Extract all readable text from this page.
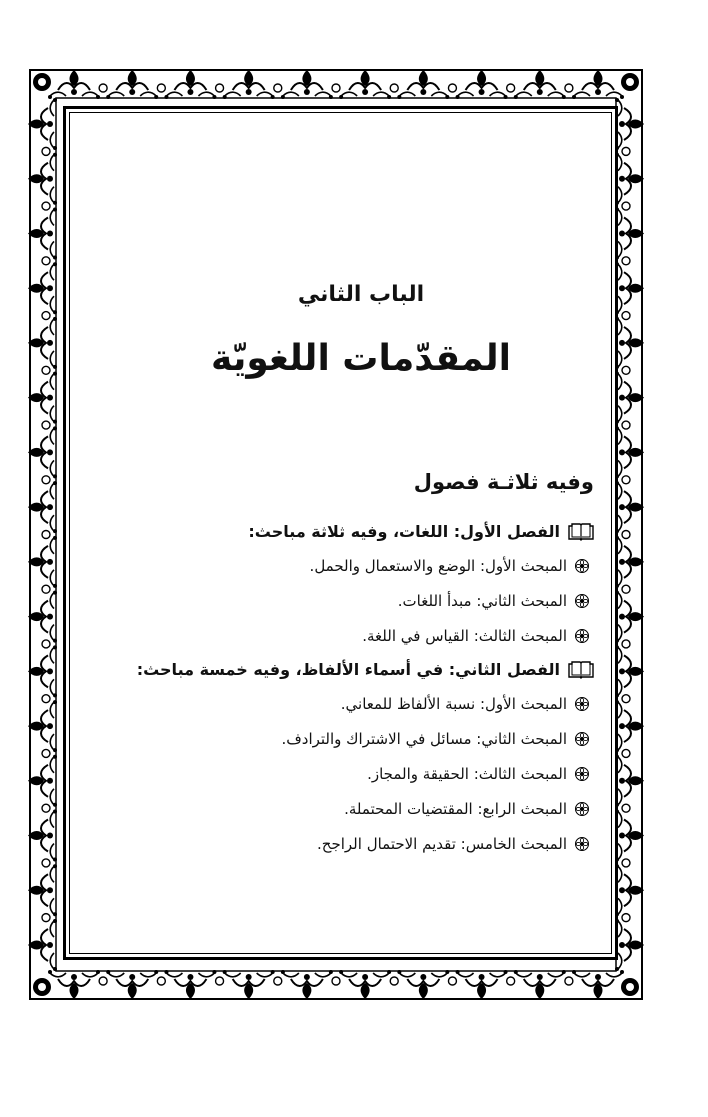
الباب الثاني
المقدّمات اللغويّة
وفيه ثلاثـة فصول
الفصل الأول: اللغات، وفيه ثلاثة مباحث:
المبحث الأول: الوضع والاستعمال والحمل.
المبحث الثاني: مبدأ اللغات.
المبحث الثالث: القياس في اللغة.
الفصل الثاني: في أسماء الألفاظ، وفيه خمسة مباحث:
المبحث الأول: نسبة الألفاظ للمعاني.
المبحث الثاني: مسائل في الاشتراك والترادف.
المبحث الثالث: الحقيقة والمجاز.
المبحث الرابع: المقتضيات المحتملة.
المبحث الخامس: تقديم الاحتمال الراجح.
